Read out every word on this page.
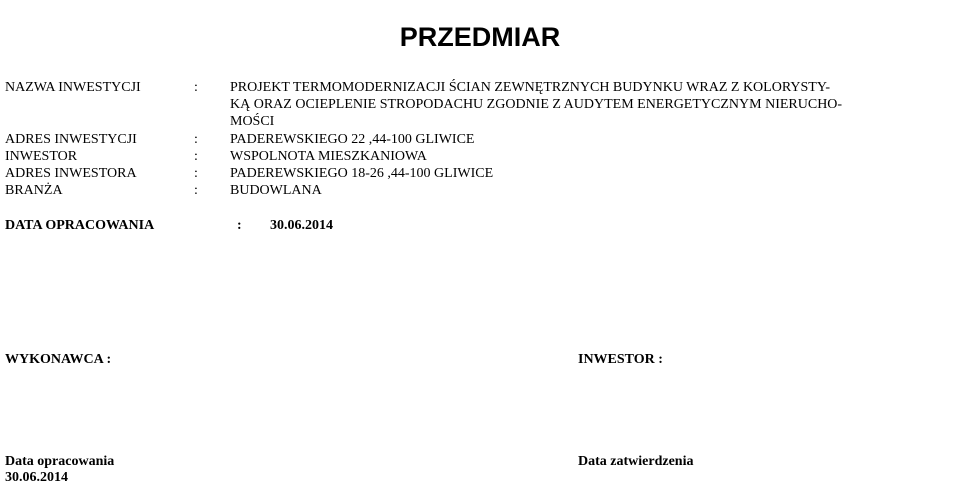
PRZEDMIAR
NAZWA INWESTYCJI	: PROJEKT TERMOMODERNIZACJI ŚCIAN ZEWNĘTRZNYCH BUDYNKU WRAZ Z KOLORYSTY-
KĄ ORAZ OCIEPLENIE STROPODACHU ZGODNIE Z AUDYTEM ENERGETYCZNYM NIERUCHO-
MOŚCI
ADRES INWESTYCJI	: PADEREWSKIEGO 22 ,44-100 GLIWICE
INWESTOR	: WSPOLNOTA MIESZKANIOWA
ADRES INWESTORA	: PADEREWSKIEGO 18-26 ,44-100 GLIWICE
BRANŻA	: BUDOWLANA
DATA OPRACOWANIA	: 30.06.2014
WYKONAWCA :	INWESTOR :
Data opracowania
30.06.2014
Data zatwierdzenia
